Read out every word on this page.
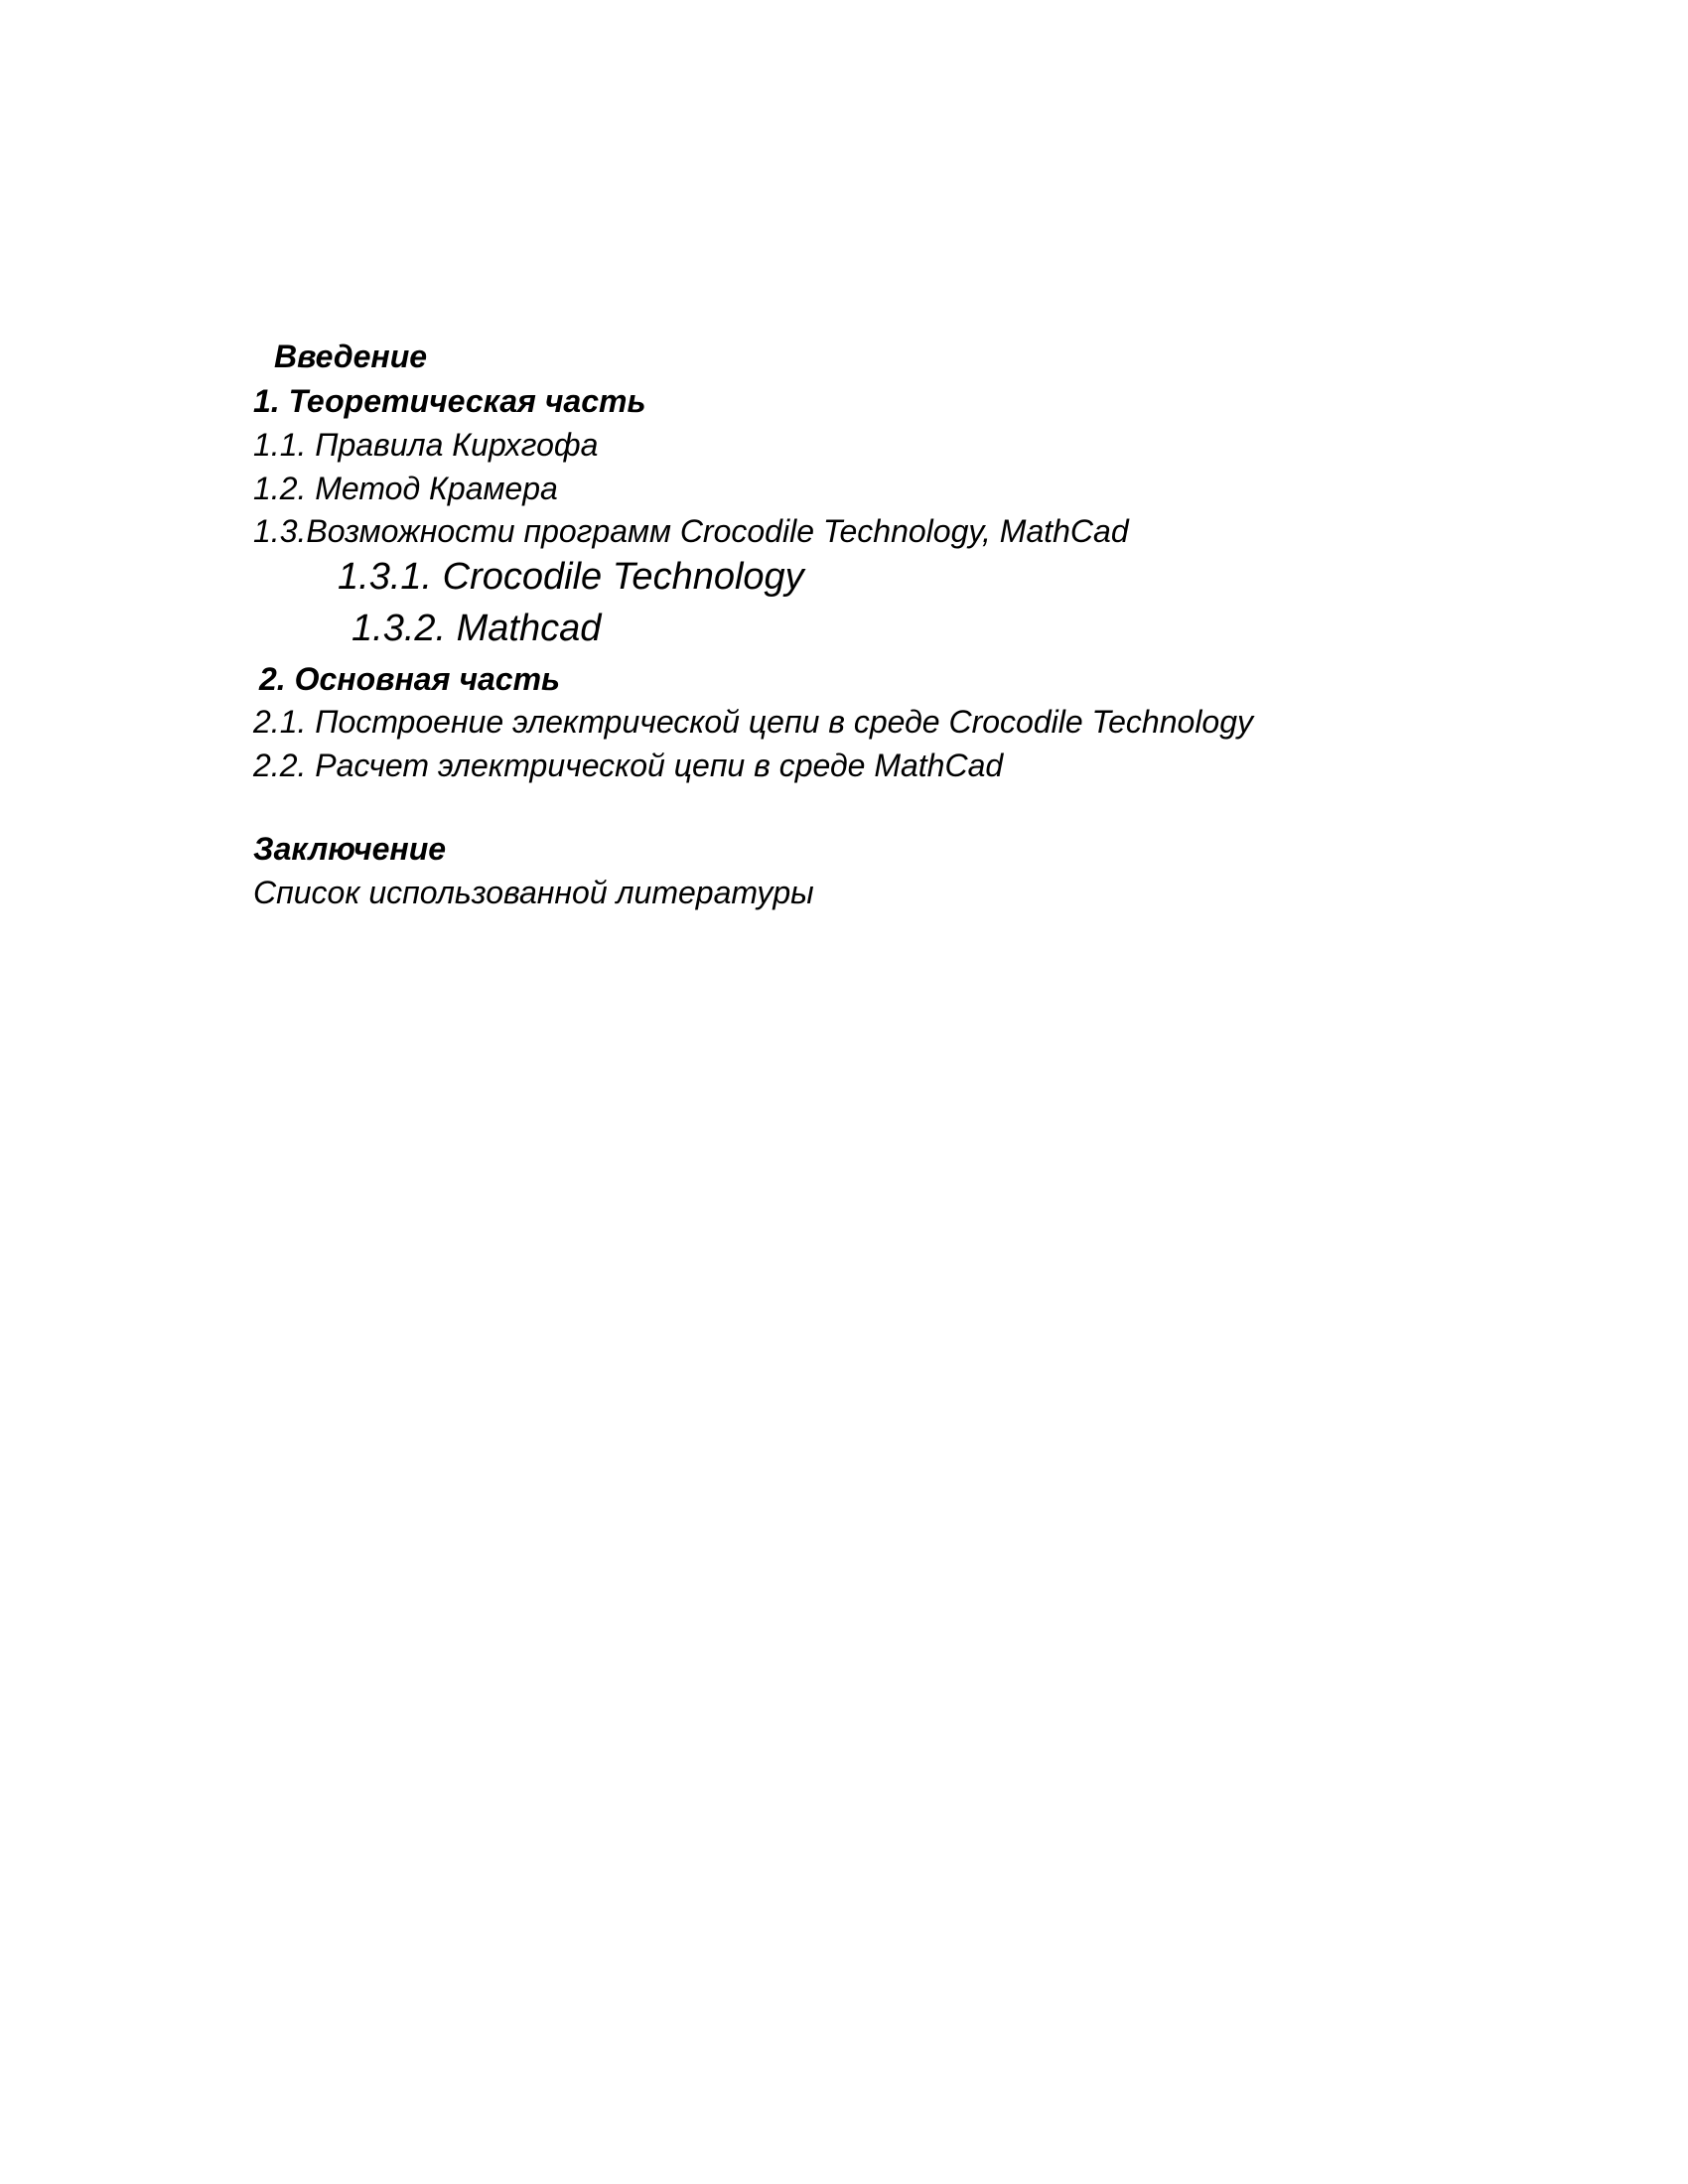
Введение

1. Теоретическая часть

1.1. Правила Кирхгофа

1.2. Метод Крамера

1.3.Возможности программ Crocodile Technology, MathCad

1.3.1. Crocodile Technology

1.3.2. Mathcad

2. Основная часть

2.1. Построение электрической цепи в среде Crocodile Technology

2.2. Расчет электрической цепи в среде MathCad

Заключение

Список использованной литературы
